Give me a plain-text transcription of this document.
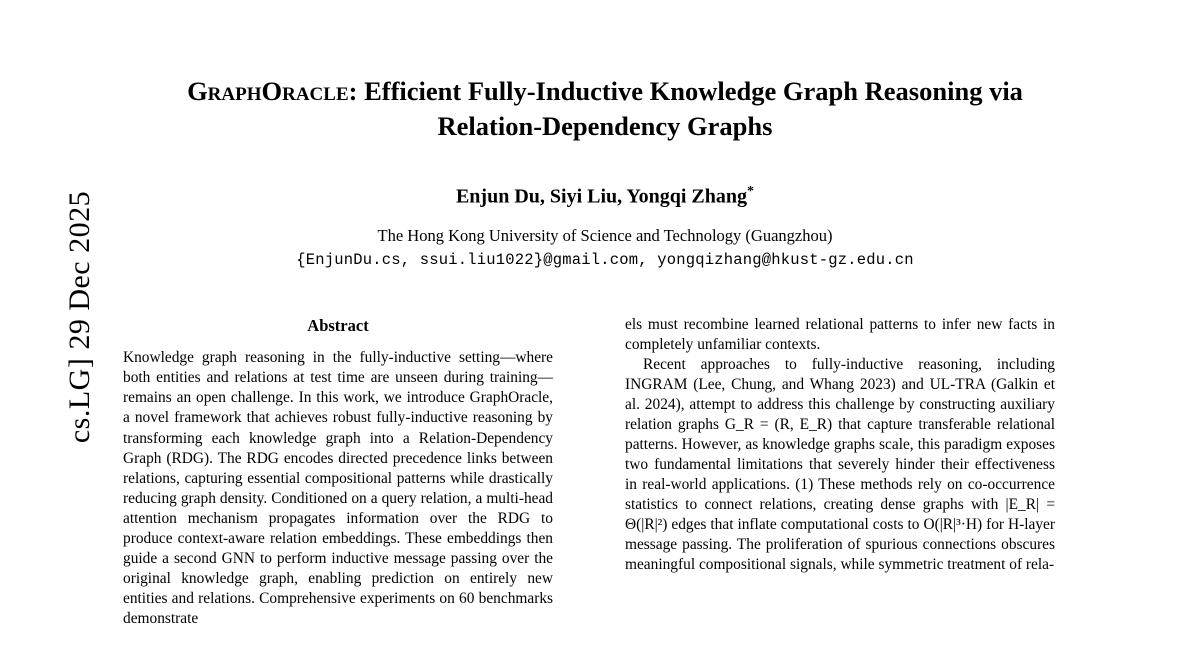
cs.LG] 29 Dec 2025
GraphOracle: Efficient Fully-Inductive Knowledge Graph Reasoning via
Relation-Dependency Graphs
Enjun Du, Siyi Liu, Yongqi Zhang*
The Hong Kong University of Science and Technology (Guangzhou)
{EnjunDu.cs, ssui.liu1022}@gmail.com, yongqizhang@hkust-gz.edu.cn
Abstract

Knowledge graph reasoning in the fully-inductive setting—where both entities and relations at test time are unseen during training—remains an open challenge. In this work, we introduce GraphOracle, a novel framework that achieves robust fully-inductive reasoning by transforming each knowledge graph into a Relation-Dependency Graph (RDG). The RDG encodes directed precedence links between relations, capturing essential compositional patterns while drastically reducing graph density. Conditioned on a query relation, a multi-head attention mechanism propagates information over the RDG to produce context-aware relation embeddings. These embeddings then guide a second GNN to perform inductive message passing over the original knowledge graph, enabling prediction on entirely new entities and relations. Comprehensive experiments on 60 benchmarks demonstrate

els must recombine learned relational patterns to infer new facts in completely unfamiliar contexts.

Recent approaches to fully-inductive reasoning, including INGRAM (Lee, Chung, and Whang 2023) and UL-TRA (Galkin et al. 2024), attempt to address this challenge by constructing auxiliary relation graphs G_R = (R, E_R) that capture transferable relational patterns. However, as knowledge graphs scale, this paradigm exposes two fundamental limitations that severely hinder their effectiveness in real-world applications. (1) These methods rely on co-occurrence statistics to connect relations, creating dense graphs with |E_R| = Θ(|R|²) edges that inflate computational costs to O(|R|³·H) for H-layer message passing. The proliferation of spurious connections obscures meaningful compositional signals, while symmetric treatment of rela-
